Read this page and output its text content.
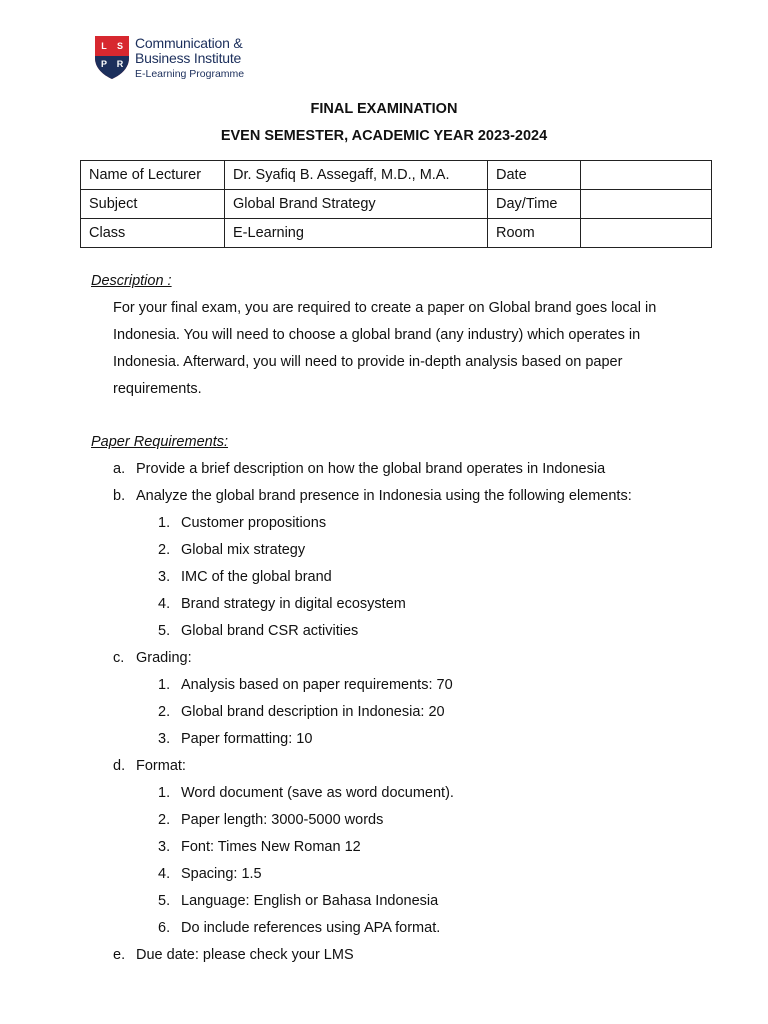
L S
P R
Communication &
Business Institute
E-Learning Programme
FINAL EXAMINATION
EVEN SEMESTER, ACADEMIC YEAR 2023-2024
Name of Lecturer	Dr. Syafiq B. Assegaff, M.D., M.A.	Date	
Subject	Global Brand Strategy	Day/Time	
Class	E-Learning	Room	
Description :
For your final exam, you are required to create a paper on Global brand goes local in
Indonesia. You will need to choose a global brand (any industry) which operates in
Indonesia. Afterward, you will need to provide in-depth analysis based on paper
requirements.
Paper Requirements:
a. Provide a brief description on how the global brand operates in Indonesia
b. Analyze the global brand presence in Indonesia using the following elements:
1. Customer propositions
2. Global mix strategy
3. IMC of the global brand
4. Brand strategy in digital ecosystem
5. Global brand CSR activities
c. Grading:
1. Analysis based on paper requirements: 70
2. Global brand description in Indonesia: 20
3. Paper formatting: 10
d. Format:
1. Word document (save as word document).
2. Paper length: 3000-5000 words
3. Font: Times New Roman 12
4. Spacing: 1.5
5. Language: English or Bahasa Indonesia
6. Do include references using APA format.
e. Due date: please check your LMS
